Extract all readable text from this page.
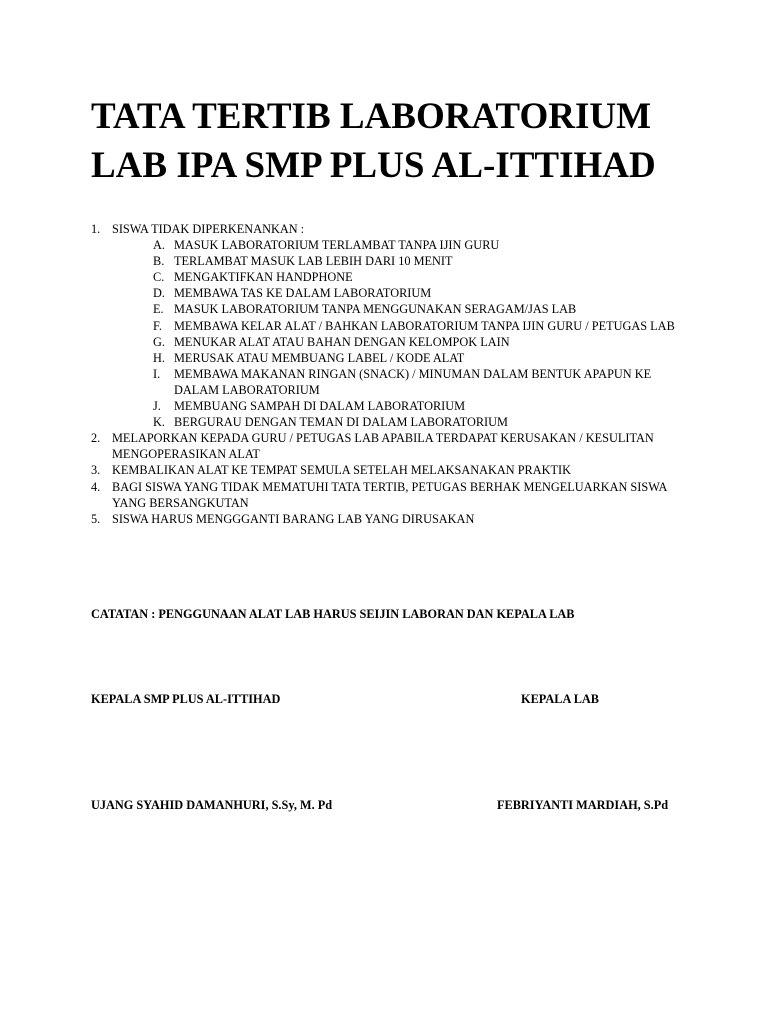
TATA TERTIB LABORATORIUM
LAB IPA SMP PLUS AL-ITTIHAD
1. SISWA TIDAK DIPERKENANKAN :
A. MASUK LABORATORIUM TERLAMBAT TANPA IJIN GURU
B. TERLAMBAT MASUK LAB LEBIH DARI 10 MENIT
C. MENGAKTIFKAN HANDPHONE
D. MEMBAWA TAS KE DALAM LABORATORIUM
E. MASUK LABORATORIUM TANPA MENGGUNAKAN SERAGAM/JAS LAB
F. MEMBAWA KELAR ALAT / BAHKAN LABORATORIUM TANPA IJIN GURU / PETUGAS LAB
G. MENUKAR ALAT ATAU BAHAN DENGAN KELOMPOK LAIN
H. MERUSAK ATAU MEMBUANG LABEL / KODE ALAT
I.	MEMBAWA MAKANAN RINGAN (SNACK) / MINUMAN DALAM BENTUK APAPUN KE DALAM LABORATORIUM
J.	MEMBUANG SAMPAH DI DALAM LABORATORIUM
K. BERGURAU DENGAN TEMAN DI DALAM LABORATORIUM
2. MELAPORKAN KEPADA GURU / PETUGAS LAB APABILA TERDAPAT KERUSAKAN / KESULITAN MENGOPERASIKAN ALAT
3. KEMBALIKAN ALAT KE TEMPAT SEMULA SETELAH MELAKSANAKAN PRAKTIK
4. BAGI SISWA YANG TIDAK MEMATUHI TATA TERTIB, PETUGAS BERHAK MENGELUARKAN SISWA YANG BERSANGKUTAN
5. SISWA HARUS MENGGGANTI BARANG LAB YANG DIRUSAKAN
CATATAN : PENGGUNAAN ALAT LAB HARUS SEIJIN LABORAN DAN KEPALA LAB
KEPALA SMP PLUS AL-ITTIHAD	KEPALA LAB
UJANG SYAHID DAMANHURI, S.Sy, M. Pd	FEBRIYANTI MARDIAH, S.Pd
